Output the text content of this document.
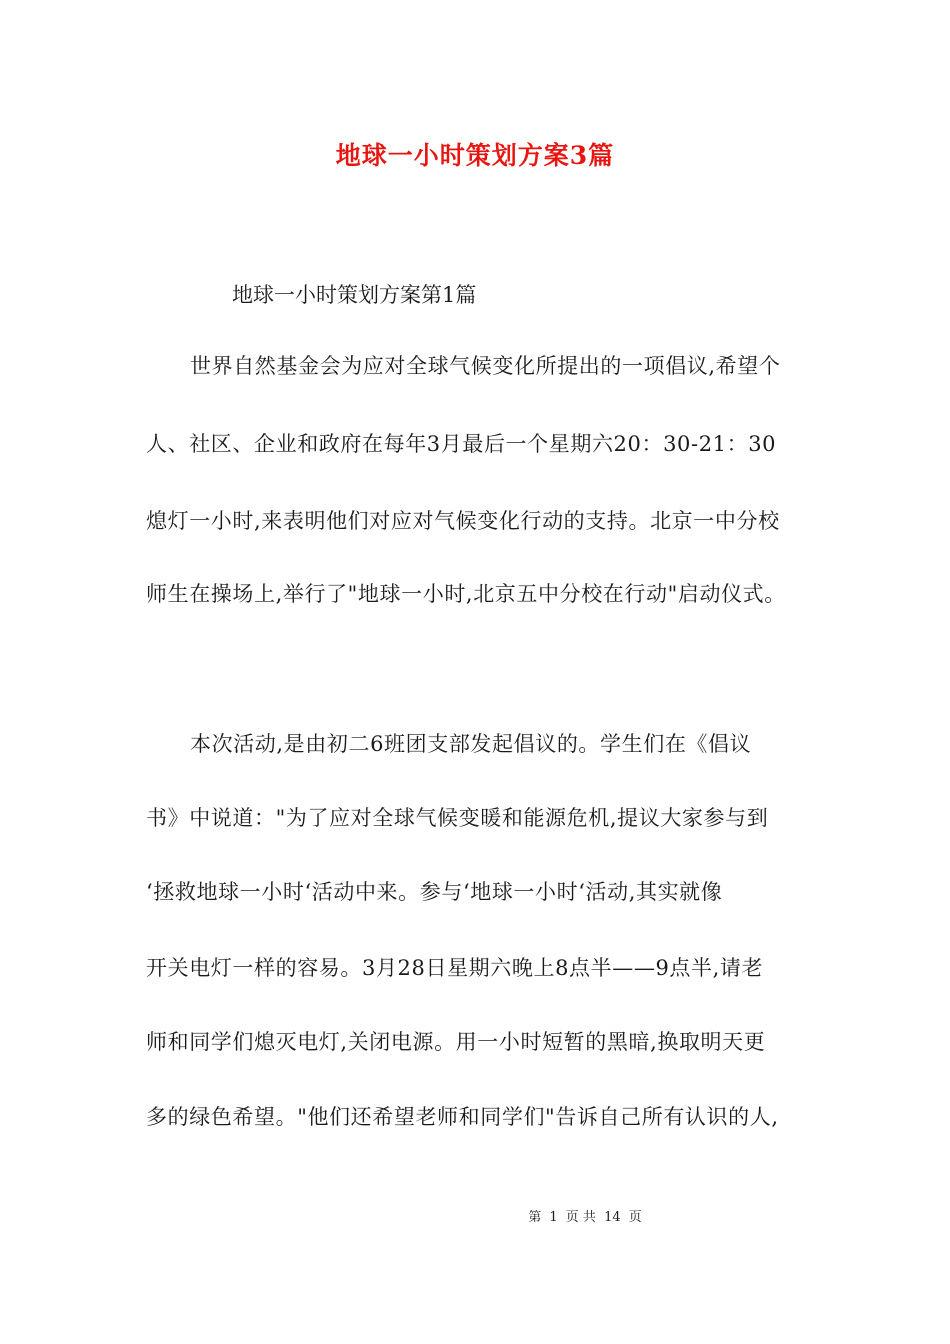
地球一小时策划方案3篇
地球一小时策划方案第1篇
世界自然基金会为应对全球气候变化所提出的一项倡议,希望个
人、社区、企业和政府在每年3月最后一个星期六20：30-21：30
熄灯一小时,来表明他们对应对气候变化行动的支持。北京一中分校
师生在操场上,举行了"地球一小时,北京五中分校在行动"启动仪式。
本次活动,是由初二6班团支部发起倡议的。学生们在《倡议
书》中说道："为了应对全球气候变暖和能源危机,提议大家参与到
‘拯救地球一小时‘活动中来。参与‘地球一小时‘活动,其实就像
开关电灯一样的容易。3月28日星期六晚上8点半——9点半,请老
师和同学们熄灭电灯,关闭电源。用一小时短暂的黑暗,换取明天更
多的绿色希望。"他们还希望老师和同学们"告诉自己所有认识的人,
第 1 页 共 14 页
